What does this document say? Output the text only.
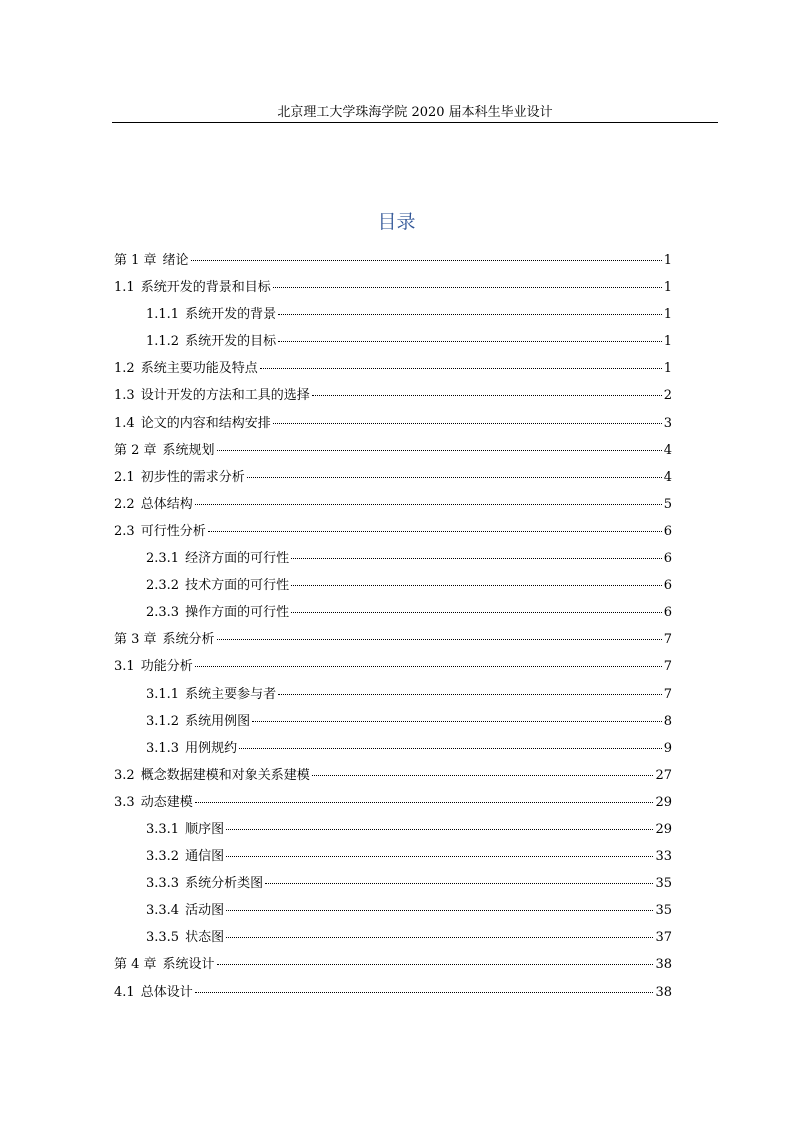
北京理工大学珠海学院 2020 届本科生毕业设计
目录
第 1 章 绪论	1
1.1 系统开发的背景和目标	1
1.1.1 系统开发的背景	1
1.1.2 系统开发的目标	1
1.2 系统主要功能及特点	1
1.3 设计开发的方法和工具的选择	2
1.4 论文的内容和结构安排	3
第 2 章 系统规划	4
2.1 初步性的需求分析	4
2.2 总体结构	5
2.3 可行性分析	6
2.3.1 经济方面的可行性	6
2.3.2 技术方面的可行性	6
2.3.3 操作方面的可行性	6
第 3 章 系统分析	7
3.1 功能分析	7
3.1.1 系统主要参与者	7
3.1.2 系统用例图	8
3.1.3 用例规约	9
3.2 概念数据建模和对象关系建模	27
3.3 动态建模	29
3.3.1 顺序图	29
3.3.2 通信图	33
3.3.3 系统分析类图	35
3.3.4 活动图	35
3.3.5 状态图	37
第 4 章 系统设计	38
4.1 总体设计	38
